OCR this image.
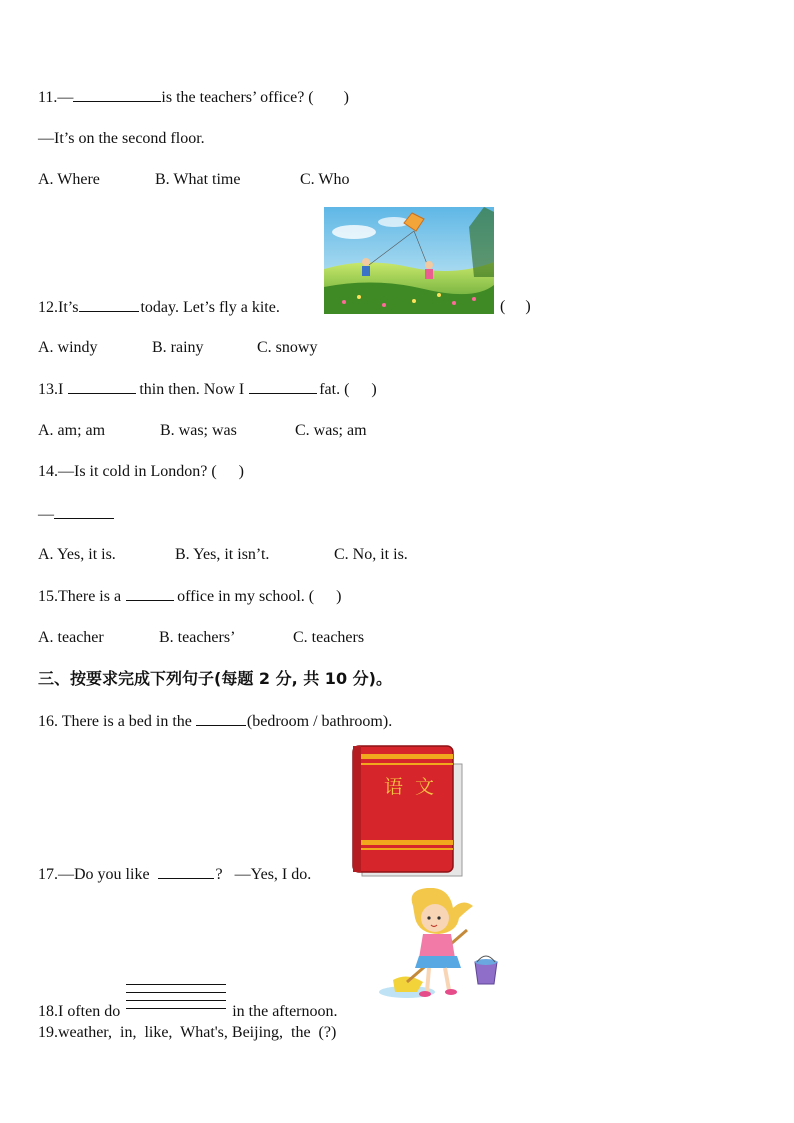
11.—	is the teachers’ office? ( )
—It’s on the second floor.
A. Where	B. What time	C. Who
12.It’s	today. Let’s fly a kite.	( )
A. windy	B. rainy	C. snowy
13.I	thin then. Now I	fat. ( )
A. am; am	B. was; was	C. was; am
14.—Is it cold in London? ( )
—
A. Yes, it is.	B. Yes, it isn’t.	C. No, it is.
15.There is a	office in my school. ( )
A. teacher	B. teachers’	C. teachers
三、按要求完成下列句子(每题 2 分, 共 10 分)。
16. There is a bed in the	(bedroom / bathroom).
语  文
17.—Do you like	?   —Yes, I do.
18.I often do	in the afternoon.
19.weather,  in,  like,  What's, Beijing,  the  (?)
